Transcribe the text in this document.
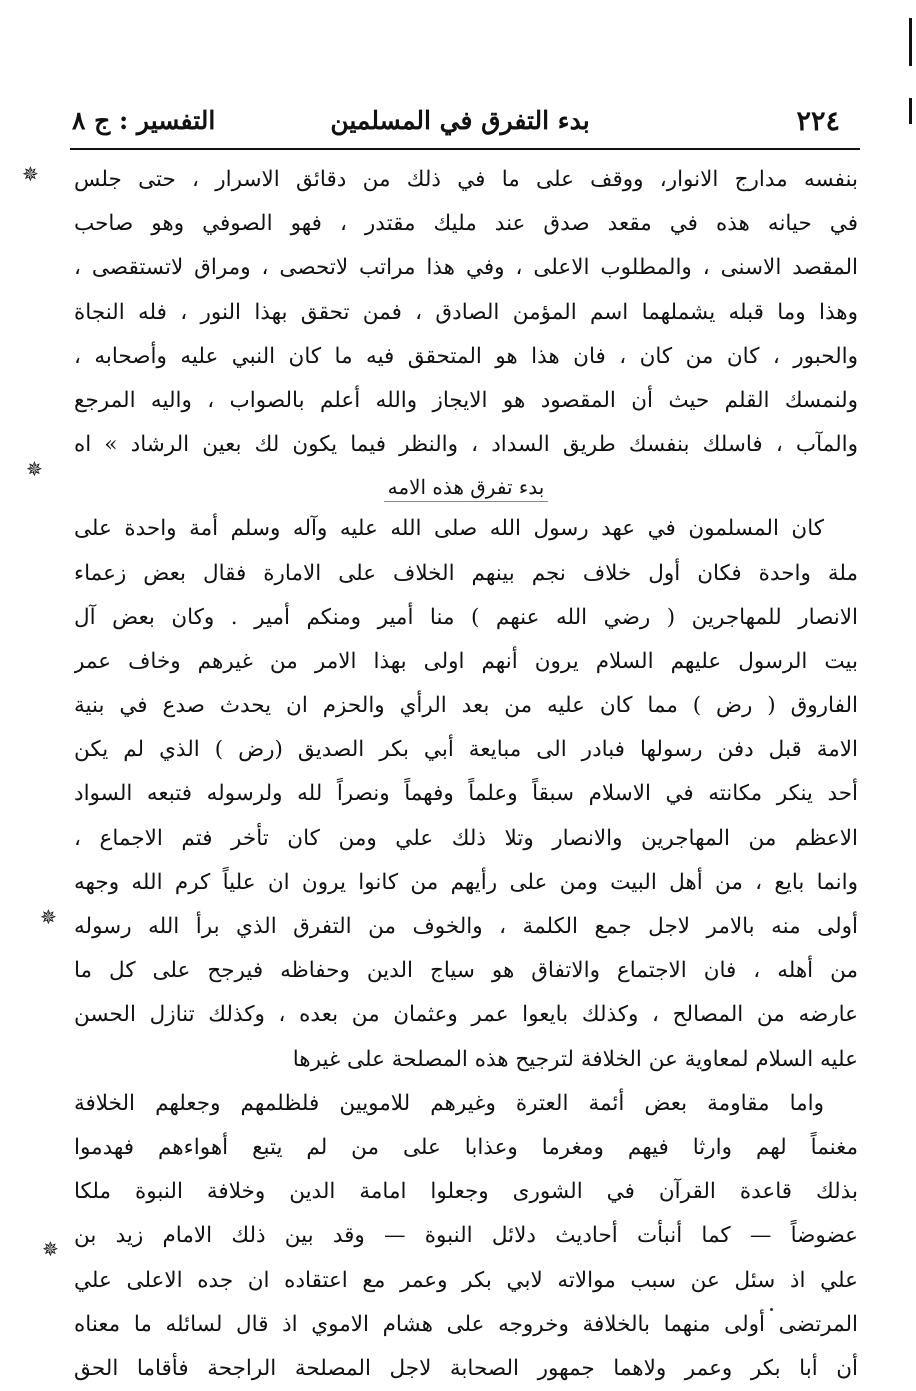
٢٢٤
بدء التفرق في المسلمين
التفسير : ج ٨
✵
✵
✵
✵
بنفسه مدارج الانوار، ووقف على ما في ذلك من دقائق الاسرار ، حتى جلس
في حيانه هذه في مقعد صدق عند مليك مقتدر ، فهو الصوفي وهو صاحب
المقصد الاسنى ، والمطلوب الاعلى ، وفي هذا مراتب لاتحصى ، ومراق لاتستقصى ،
وهذا وما قبله يشملهما اسم المؤمن الصادق ، فمن تحقق بهذا النور ، فله النجاة
والحبور ، كان من كان ، فان هذا هو المتحقق فيه ما كان النبي عليه وأصحابه ،
ولنمسك القلم حيث أن المقصود هو الايجاز والله أعلم بالصواب ، واليه المرجع
والمآب ، فاسلك بنفسك طريق السداد ، والنظر فيما يكون لك بعين الرشاد » اه
بدء تفرق هذه الامه
كان المسلمون في عهد رسول الله صلى الله عليه وآله وسلم أمة واحدة على
ملة واحدة فكان أول خلاف نجم بينهم الخلاف على الامارة فقال بعض زعماء
الانصار للمهاجرين ( رضي الله عنهم ) منا أمير ومنكم أمير . وكان بعض آل
بيت الرسول عليهم السلام يرون أنهم اولى بهذا الامر من غيرهم وخاف عمر
الفاروق ( رض ) مما كان عليه من بعد الرأي والحزم ان يحدث صدع في بنية
الامة قبل دفن رسولها فبادر الى مبايعة أبي بكر الصديق (رض ) الذي لم يكن
أحد ينكر مكانته في الاسلام سبقاً وعلماً وفهماً ونصراً لله ولرسوله فتبعه السواد
الاعظم من المهاجرين والانصار وتلا ذلك علي ومن كان تأخر فتم الاجماع ،
وانما بايع ، من أهل البيت ومن على رأيهم من كانوا يرون ان علياً كرم الله وجهه
أولى منه بالامر لاجل جمع الكلمة ، والخوف من التفرق الذي برأ الله رسوله
من أهله ، فان الاجتماع والاتفاق هو سياج الدين وحفاظه فيرجح على كل ما
عارضه من المصالح ، وكذلك بايعوا عمر وعثمان من بعده ، وكذلك تنازل الحسن
عليه السلام لمعاوية عن الخلافة لترجيح هذه المصلحة على غيرها
واما مقاومة بعض أئمة العترة وغيرهم للامويين فلظلمهم وجعلهم الخلافة
مغنماً لهم وارثا فيهم ومغرما وعذابا على من لم يتبع أهواءهم فهدموا
بذلك قاعدة القرآن في الشورى وجعلوا امامة الدين وخلافة النبوة ملكا
عضوضاً — كما أنبأت أحاديث دلائل النبوة — وقد بين ذلك الامام زيد بن
علي اذ سئل عن سبب موالاته لابي بكر وعمر مع اعتقاده ان جده الاعلى علي
المرتضى أولى منهما بالخلافة وخروجه على هشام الاموي اذ قال لسائله ما معناه
أن أبا بكر وعمر ولاهما جمهور الصحابة لاجل المصلحة الراجحة فأقاما الحق
